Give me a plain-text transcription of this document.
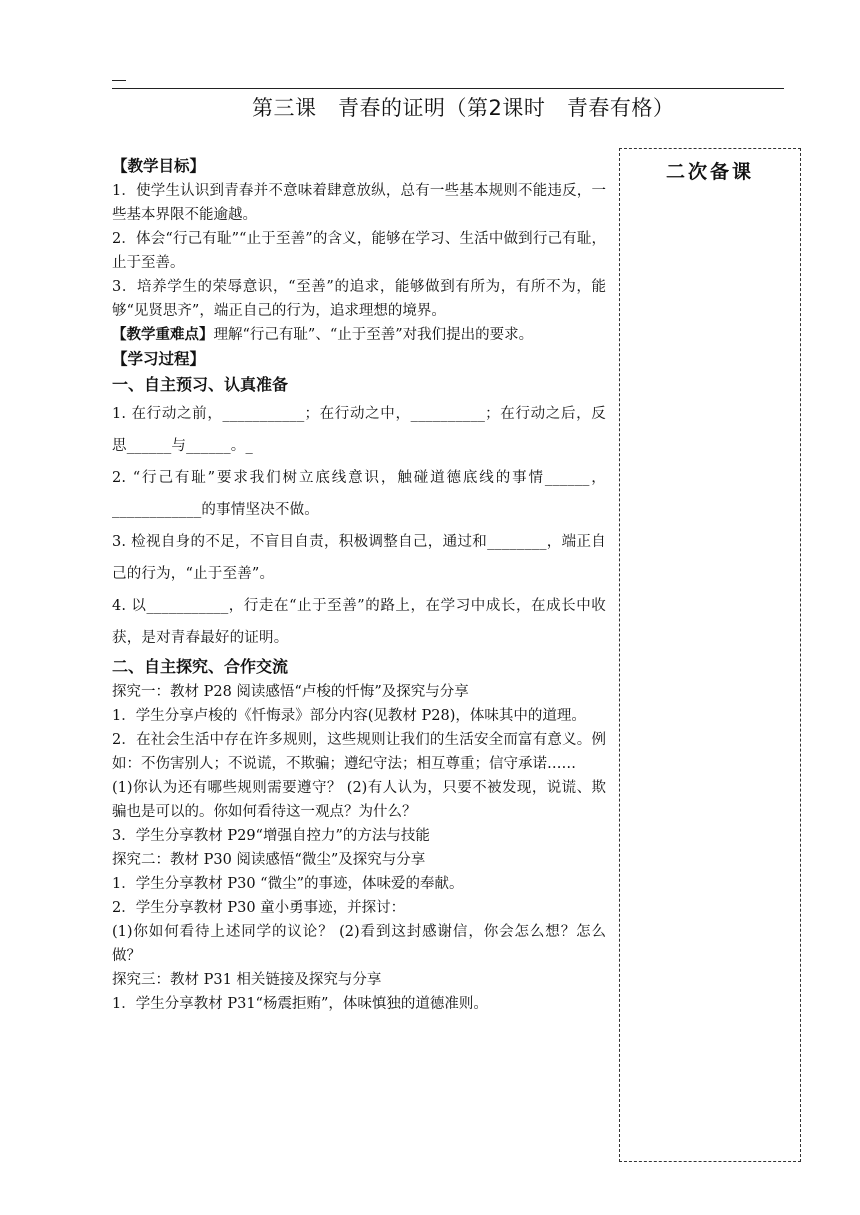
第三课　青春的证明（第2课时　青春有格）
二次备课

【教学目标】

1．使学生认识到青春并不意味着肆意放纵，总有一些基本规则不能违反，一些基本界限不能逾越。

2．体会“行己有耻”“止于至善”的含义，能够在学习、生活中做到行己有耻，止于至善。

3．培养学生的荣辱意识，“至善”的追求，能够做到有所为，有所不为，能够“见贤思齐”，端正自己的行为，追求理想的境界。

【教学重难点】理解“行己有耻”、“止于至善”对我们提出的要求。

【学习过程】

一、自主预习、认真准备

1. 在行动之前，___________；在行动之中，__________；在行动之后，反思______与______。_

2. “行己有耻”要求我们树立底线意识，触碰道德底线的事情______，____________的事情坚决不做。

3. 检视自身的不足，不盲目自责，积极调整自己，通过和________，端正自己的行为，“止于至善”。

4. 以___________，行走在“止于至善”的路上，在学习中成长，在成长中收获，是对青春最好的证明。

二、自主探究、合作交流

探究一：教材 P28 阅读感悟“卢梭的忏悔”及探究与分享

1．学生分享卢梭的《忏悔录》部分内容(见教材 P28)，体味其中的道理。

2．在社会生活中存在许多规则，这些规则让我们的生活安全而富有意义。例如：不伤害别人；不说谎，不欺骗；遵纪守法；相互尊重；信守承诺……

(1)你认为还有哪些规则需要遵守？ (2)有人认为，只要不被发现，说谎、欺骗也是可以的。你如何看待这一观点？为什么？

3．学生分享教材 P29“增强自控力”的方法与技能

探究二：教材 P30 阅读感悟“微尘”及探究与分享

1．学生分享教材 P30 “微尘”的事迹，体味爱的奉献。

2．学生分享教材 P30 童小勇事迹，并探讨：

(1)你如何看待上述同学的议论？ (2)看到这封感谢信，你会怎么想？怎么做？

探究三：教材 P31 相关链接及探究与分享

1．学生分享教材 P31“杨震拒贿”，体味慎独的道德准则。
